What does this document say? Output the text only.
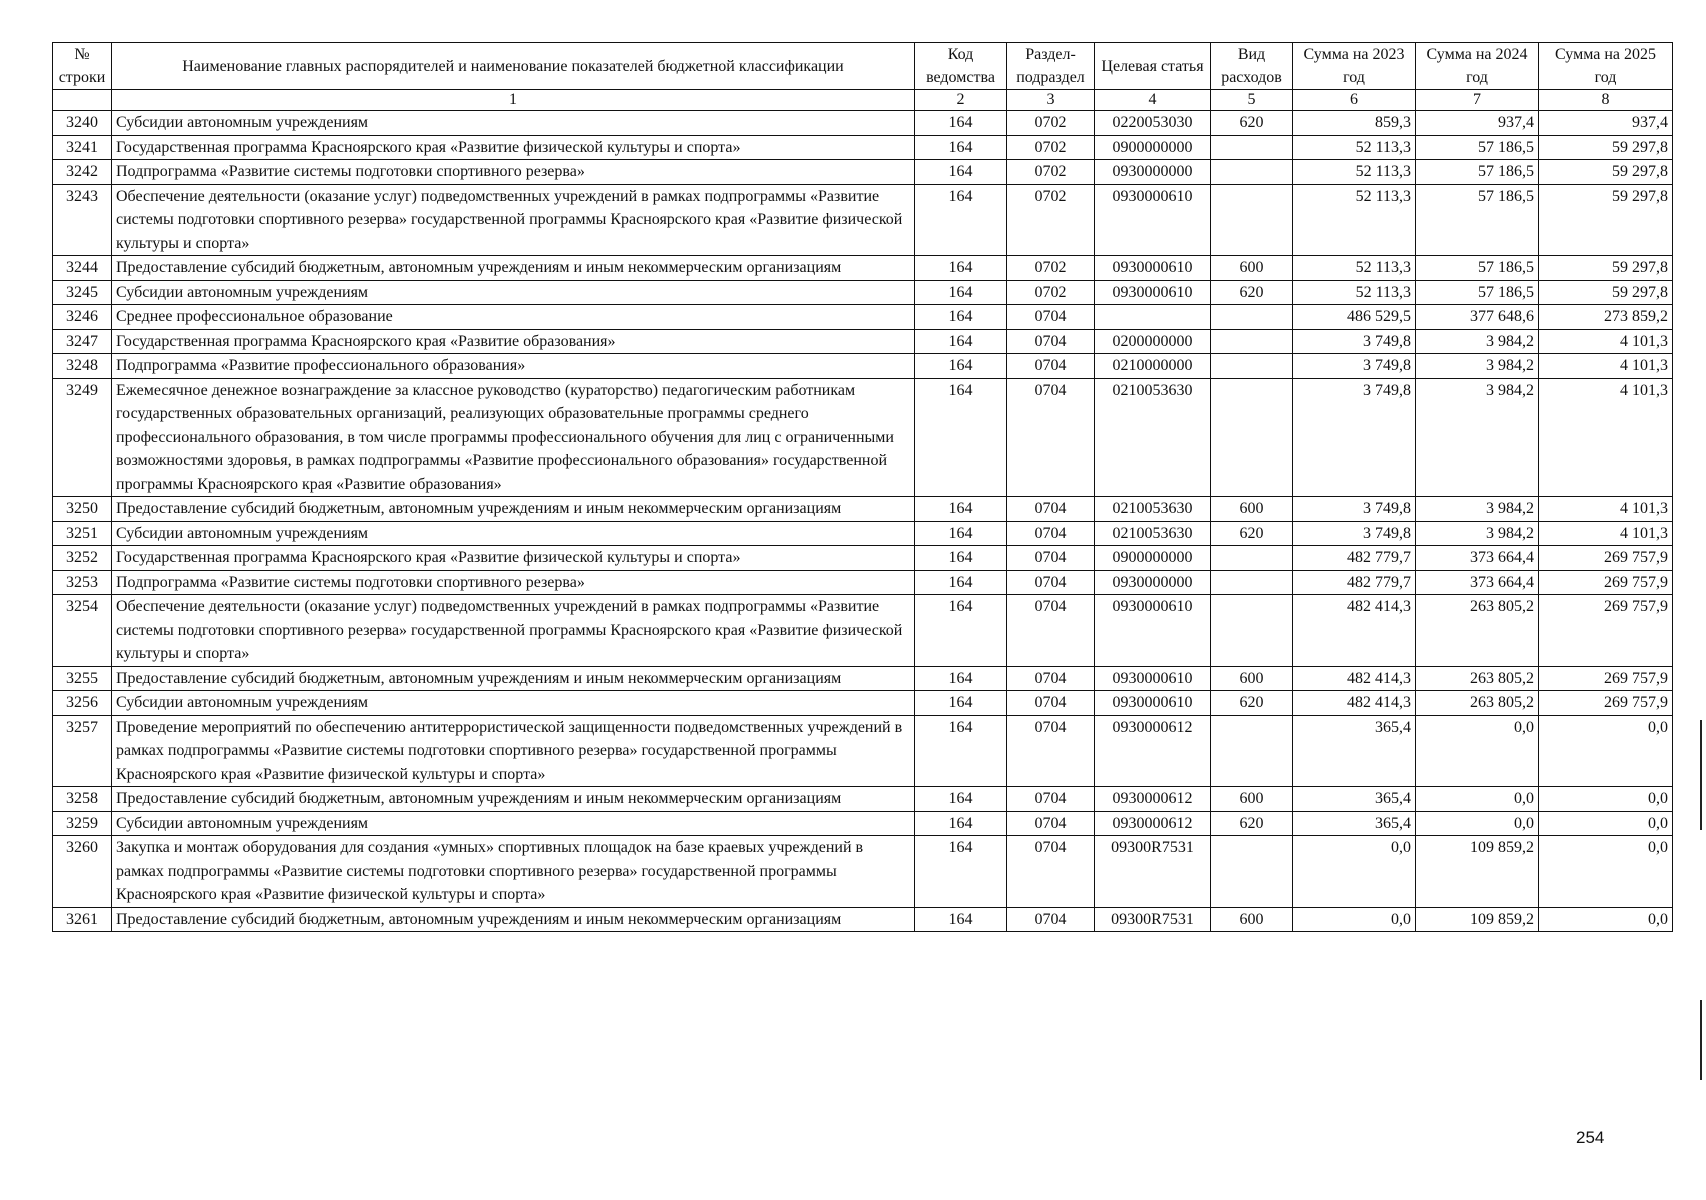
№ строки	Наименование главных распорядителей и наименование показателей бюджетной классификации	Код ведомства	Раздел-подраздел	Целевая статья	Вид расходов	Сумма на 2023 год	Сумма на 2024 год	Сумма на 2025 год
	1	2	3	4	5	6	7	8
3240	Субсидии автономным учреждениям	164	0702	0220053030	620	859,3	937,4	937,4
3241	Государственная программа Красноярского края «Развитие физической культуры и спорта»	164	0702	0900000000		52 113,3	57 186,5	59 297,8
3242	Подпрограмма «Развитие системы подготовки спортивного резерва»	164	0702	0930000000		52 113,3	57 186,5	59 297,8
3243	Обеспечение деятельности (оказание услуг) подведомственных учреждений в рамках подпрограммы «Развитие системы подготовки спортивного резерва» государственной программы Красноярского края «Развитие физической культуры и спорта»	164	0702	0930000610		52 113,3	57 186,5	59 297,8
3244	Предоставление субсидий бюджетным, автономным учреждениям и иным некоммерческим организациям	164	0702	0930000610	600	52 113,3	57 186,5	59 297,8
3245	Субсидии автономным учреждениям	164	0702	0930000610	620	52 113,3	57 186,5	59 297,8
3246	Среднее профессиональное образование	164	0704			486 529,5	377 648,6	273 859,2
3247	Государственная программа Красноярского края «Развитие образования»	164	0704	0200000000		3 749,8	3 984,2	4 101,3
3248	Подпрограмма «Развитие профессионального образования»	164	0704	0210000000		3 749,8	3 984,2	4 101,3
3249	Ежемесячное денежное вознаграждение за классное руководство (кураторство) педагогическим работникам государственных образовательных организаций, реализующих образовательные программы среднего профессионального образования, в том числе программы профессионального обучения для лиц с ограниченными возможностями здоровья, в рамках подпрограммы «Развитие профессионального образования» государственной программы Красноярского края «Развитие образования»	164	0704	0210053630		3 749,8	3 984,2	4 101,3
3250	Предоставление субсидий бюджетным, автономным учреждениям и иным некоммерческим организациям	164	0704	0210053630	600	3 749,8	3 984,2	4 101,3
3251	Субсидии автономным учреждениям	164	0704	0210053630	620	3 749,8	3 984,2	4 101,3
3252	Государственная программа Красноярского края «Развитие физической культуры и спорта»	164	0704	0900000000		482 779,7	373 664,4	269 757,9
3253	Подпрограмма «Развитие системы подготовки спортивного резерва»	164	0704	0930000000		482 779,7	373 664,4	269 757,9
3254	Обеспечение деятельности (оказание услуг) подведомственных учреждений в рамках подпрограммы «Развитие системы подготовки спортивного резерва» государственной программы Красноярского края «Развитие физической культуры и спорта»	164	0704	0930000610		482 414,3	263 805,2	269 757,9
3255	Предоставление субсидий бюджетным, автономным учреждениям и иным некоммерческим организациям	164	0704	0930000610	600	482 414,3	263 805,2	269 757,9
3256	Субсидии автономным учреждениям	164	0704	0930000610	620	482 414,3	263 805,2	269 757,9
3257	Проведение мероприятий по обеспечению антитеррористической защищенности подведомственных учреждений в рамках подпрограммы «Развитие системы подготовки спортивного резерва» государственной программы Красноярского края «Развитие физической культуры и спорта»	164	0704	0930000612		365,4	0,0	0,0
3258	Предоставление субсидий бюджетным, автономным учреждениям и иным некоммерческим организациям	164	0704	0930000612	600	365,4	0,0	0,0
3259	Субсидии автономным учреждениям	164	0704	0930000612	620	365,4	0,0	0,0
3260	Закупка и монтаж оборудования для создания «умных» спортивных площадок на базе краевых учреждений в рамках подпрограммы «Развитие системы подготовки спортивного резерва» государственной программы Красноярского края «Развитие физической культуры и спорта»	164	0704	09300R7531		0,0	109 859,2	0,0
3261	Предоставление субсидий бюджетным, автономным учреждениям и иным некоммерческим организациям	164	0704	09300R7531	600	0,0	109 859,2	0,0
254
